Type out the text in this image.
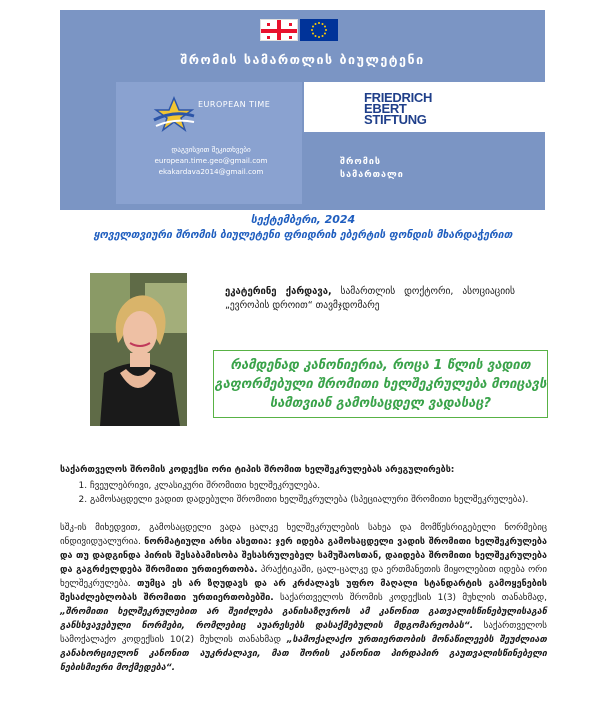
შრომის სამართლის ბიულეტენი
EUROPEAN TIME
დაგვისვით შეკითხვები
european.time.geo@gmail.com
ekakardava2014@gmail.com
FRIEDRICH
EBERT
STIFTUNG
შრომის
სამართალი
სექტემბერი, 2024
ყოველთვიური შრომის ბიულეტენი ფრიდრიხ ებერტის ფონდის მხარდაჭერით
ეკატერინე ქარდავა, სამართლის დოქტორი, ასოციაციის „ევროპის დროით“ თავმჯდომარე
რამდენად კანონიერია, როცა 1 წლის ვადით გაფორმებული შრომითი ხელშეკრულება მოიცავს სამთვიან გამოსაცდელ ვადასაც?

საქართველოს შრომის კოდექსი ორი ტიპის შრომით ხელშეკრულებას არეგულირებს:

1. ჩვეულებრივი, კლასიკური შრომითი ხელშეკრულება.
2. გამოსაცდელი ვადით დადებული შრომითი ხელშეკრულება (სპეციალური შრომითი ხელშეკრულება).

სშკ-ის მიხედვით, გამოსაცდელი ვადა ცალკე ხელშეკრულების სახეა და მომწესრიგებელი ნორმებიც ინდივიდუალურია. ნორმატიული არსი ასეთია: ჯერ იდება გამოსაცდელი ვადის შრომითი ხელშეკრულება და თუ დადგინდა პირის შესაბამისობა შესასრულებელ სამუშაოსთან, დაიდება შრომითი ხელშეკრულება და გაგრძელდება შრომითი ურთიერთობა. პრაქტიკაში, ცალ-ცალკე და ერთმანეთის მიყოლებით იდება ორი ხელშეკრულება. თუმცა ეს არ ზღუდავს და არ კრძალავს უფრო მაღალი სტანდარტის გამოყენების შესაძლებლობას შრომითი ურთიერთობებში. საქართველოს შრომის კოდექსის 1(3) მუხლის თანახმად, „შრომითი ხელშეკრულებით არ შეიძლება განისაზღვროს ამ კანონით გათვალისწინებულისაგან განსხვავებული ნორმები, რომლებიც აუარესებს დასაქმებულის მდგომარეობას“. საქართველოს სამოქალაქო კოდექსის 10(2) მუხლის თანახმად „სამოქალაქო ურთიერთობის მონაწილეებს შეუძლიათ განახორციელონ კანონით აუკრძალავი, მათ შორის კანონით პირდაპირ გაუთვალისწინებელი ნებისმიერი მოქმედება“.
